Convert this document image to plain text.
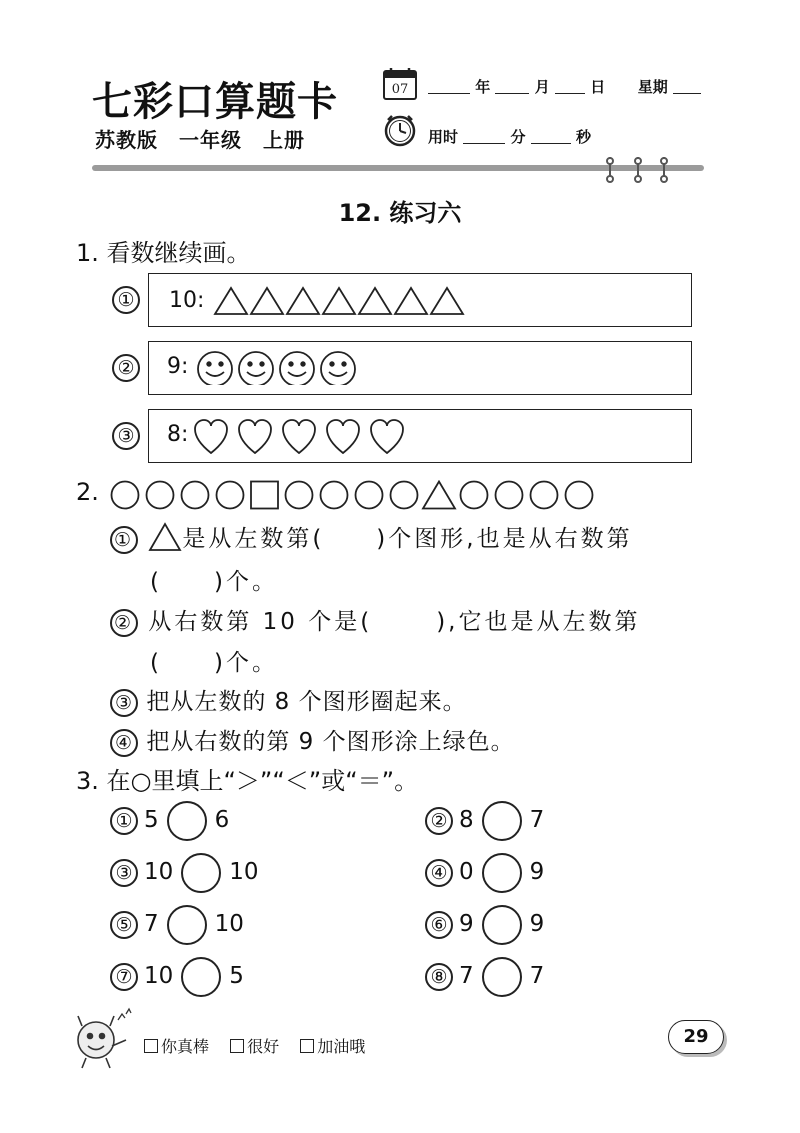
七彩口算题卡
苏教版　一年级　上册
07	年	月	日 星期
用时	分	秒
12. 练习六
1. 看数继续画。
① 10:
② 9:
③ 8:
2.
① 是从左数第( )个图形,也是从右数第
( )个。
② 从右数第 10 个是(	),它也是从左数第
( )个。
③ 把从左数的 8 个图形圈起来。
④ 把从右数的第 9 个图形涂上绿色。
3. 在○里填上“＞”“＜”或“＝”。
① 5 6	② 8 7
③ 10 10	④ 0 9
⑤ 7 10	⑥ 9 9
⑦ 10 5	⑧ 7 7
你真棒 很好 加油哦	29
